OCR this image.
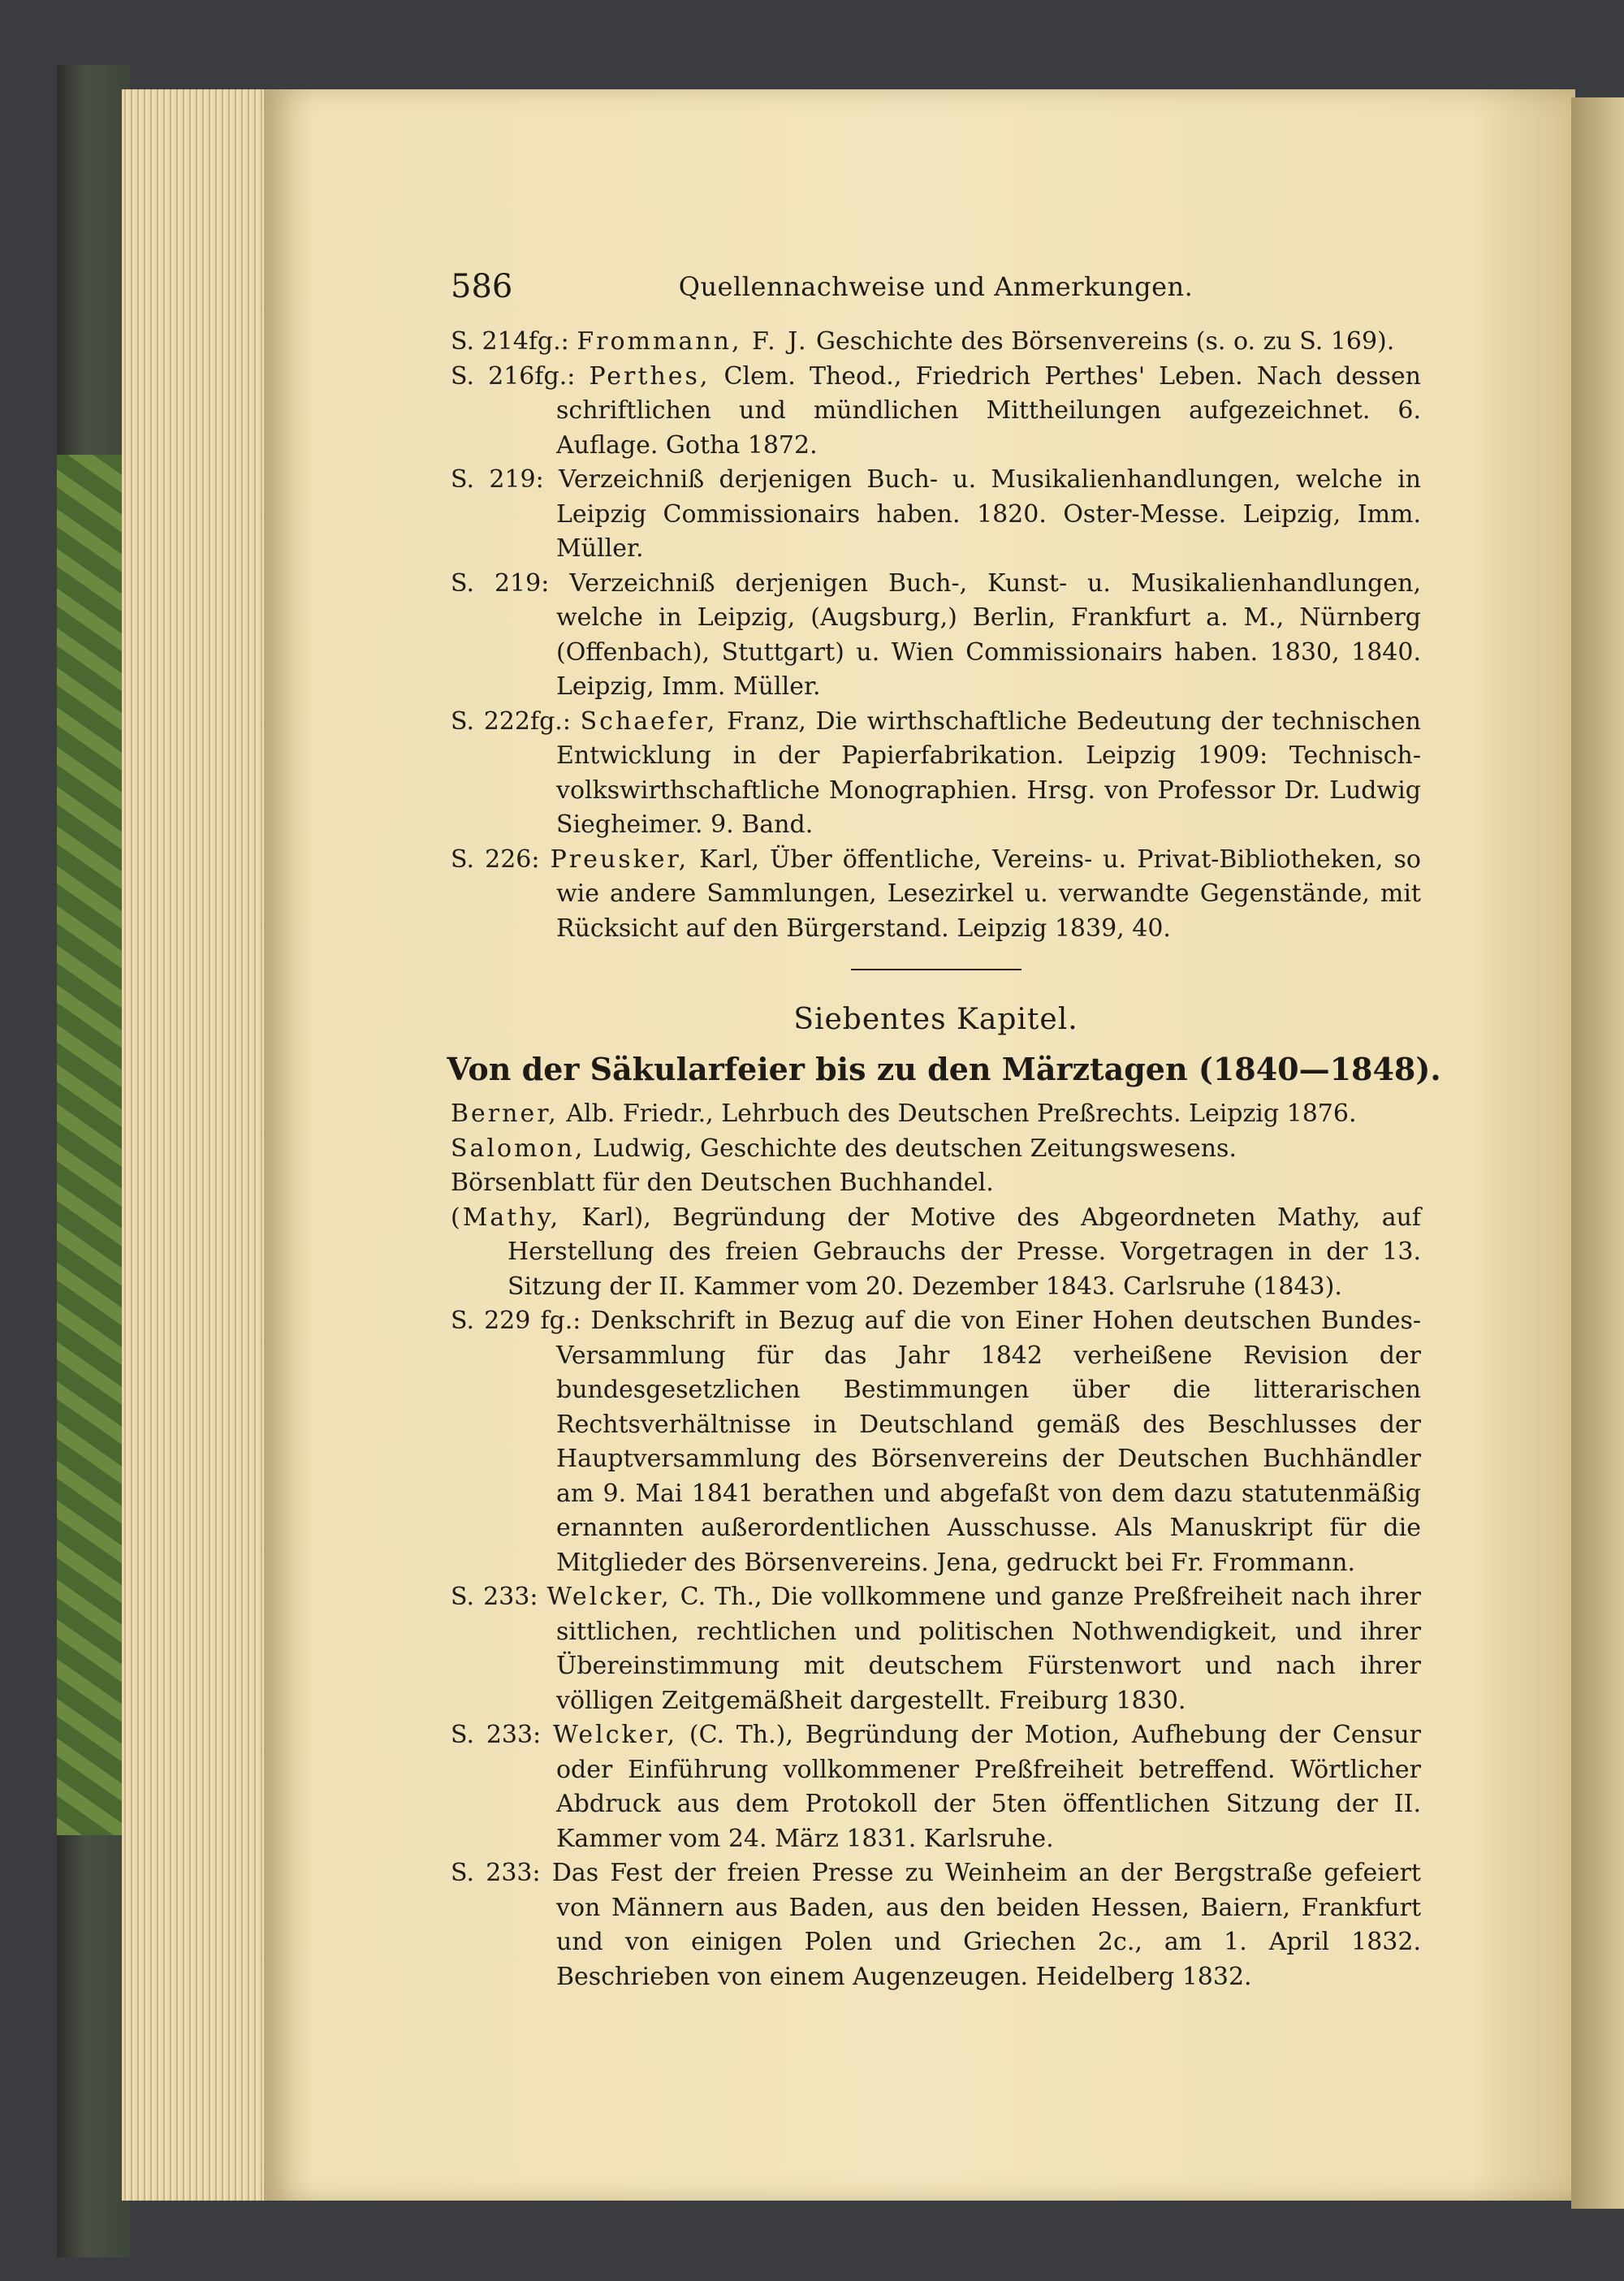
586	Quellennachweise und Anmerkungen.

S. 214fg.: Frommann, F. J. Geschichte des Börsenvereins (s. o. zu S. 169).

S. 216fg.: Perthes, Clem. Theod., Friedrich Perthes' Leben. Nach dessen schriftlichen und mündlichen Mittheilungen aufgezeichnet. 6. Auflage. Gotha 1872.

S. 219: Verzeichniß derjenigen Buch- u. Musikalienhandlungen, welche in Leipzig Commissionairs haben. 1820. Oster-Messe. Leipzig, Imm. Müller.

S. 219: Verzeichniß derjenigen Buch-, Kunst- u. Musikalienhandlungen, welche in Leipzig, (Augsburg,) Berlin, Frankfurt a. M., Nürnberg (Offenbach), Stuttgart) u. Wien Commissionairs haben. 1830, 1840. Leipzig, Imm. Müller.

S. 222fg.: Schaefer, Franz, Die wirthschaftliche Bedeutung der technischen Entwicklung in der Papierfabrikation. Leipzig 1909: Technisch-volkswirthschaftliche Monographien. Hrsg. von Professor Dr. Ludwig Siegheimer. 9. Band.

S. 226: Preusker, Karl, Über öffentliche, Vereins- u. Privat-Bibliotheken, so wie andere Sammlungen, Lesezirkel u. verwandte Gegenstände, mit Rücksicht auf den Bürgerstand. Leipzig 1839, 40.

Siebentes Kapitel.
Von der Säkularfeier bis zu den Märztagen (1840—1848).

Berner, Alb. Friedr., Lehrbuch des Deutschen Preßrechts. Leipzig 1876.

Salomon, Ludwig, Geschichte des deutschen Zeitungswesens.

Börsenblatt für den Deutschen Buchhandel.

(Mathy, Karl), Begründung der Motive des Abgeordneten Mathy, auf Herstellung des freien Gebrauchs der Presse. Vorgetragen in der 13. Sitzung der II. Kammer vom 20. Dezember 1843. Carlsruhe (1843).

S. 229 fg.: Denkschrift in Bezug auf die von Einer Hohen deutschen Bundes-Versammlung für das Jahr 1842 verheißene Revision der bundesgesetzlichen Bestimmungen über die litterarischen Rechtsverhältnisse in Deutschland gemäß des Beschlusses der Hauptversammlung des Börsenvereins der Deutschen Buchhändler am 9. Mai 1841 berathen und abgefaßt von dem dazu statutenmäßig ernannten außerordentlichen Ausschusse. Als Manuskript für die Mitglieder des Börsenvereins. Jena, gedruckt bei Fr. Frommann.

S. 233: Welcker, C. Th., Die vollkommene und ganze Preßfreiheit nach ihrer sittlichen, rechtlichen und politischen Nothwendigkeit, und ihrer Übereinstimmung mit deutschem Fürstenwort und nach ihrer völligen Zeitgemäßheit dargestellt. Freiburg 1830.

S. 233: Welcker, (C. Th.), Begründung der Motion, Aufhebung der Censur oder Einführung vollkommener Preßfreiheit betreffend. Wörtlicher Abdruck aus dem Protokoll der 5ten öffentlichen Sitzung der II. Kammer vom 24. März 1831. Karlsruhe.

S. 233: Das Fest der freien Presse zu Weinheim an der Bergstraße gefeiert von Männern aus Baden, aus den beiden Hessen, Baiern, Frankfurt und von einigen Polen und Griechen 2c., am 1. April 1832. Beschrieben von einem Augenzeugen. Heidelberg 1832.
